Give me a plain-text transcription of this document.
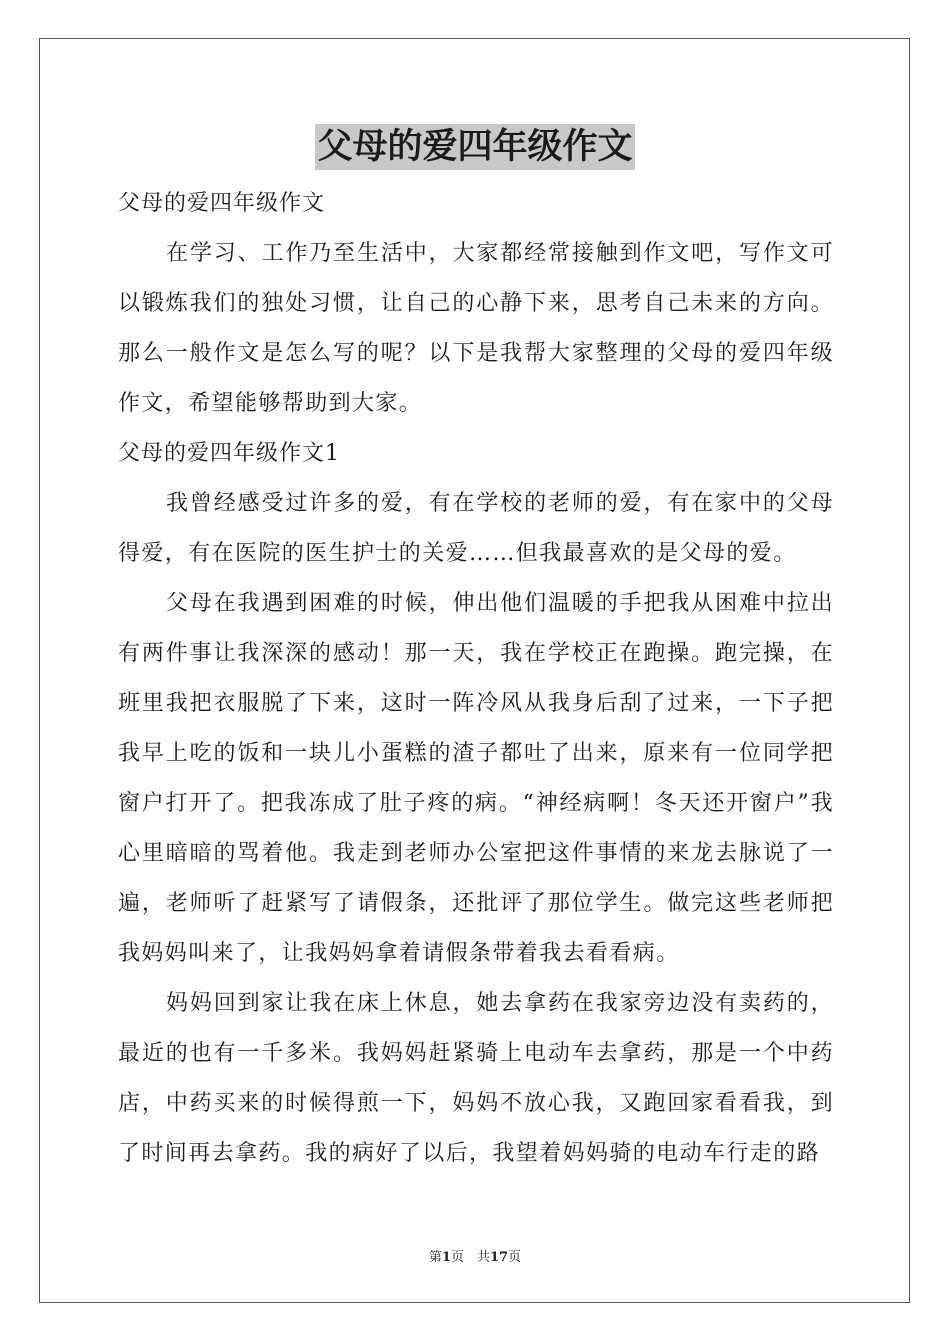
父母的爱四年级作文

父母的爱四年级作文

在学习、工作乃至生活中，大家都经常接触到作文吧，写作文可以锻炼我们的独处习惯，让自己的心静下来，思考自己未来的方向。那么一般作文是怎么写的呢？以下是我帮大家整理的父母的爱四年级作文，希望能够帮助到大家。

父母的爱四年级作文1

我曾经感受过许多的爱，有在学校的老师的爱，有在家中的父母得爱，有在医院的医生护士的关爱……但我最喜欢的是父母的爱。

父母在我遇到困难的时候，伸出他们温暖的手把我从困难中拉出有两件事让我深深的感动！那一天，我在学校正在跑操。跑完操，在班里我把衣服脱了下来，这时一阵冷风从我身后刮了过来，一下子把我早上吃的饭和一块儿小蛋糕的渣子都吐了出来，原来有一位同学把窗户打开了。把我冻成了肚子疼的病。“神经病啊！冬天还开窗户”我心里暗暗的骂着他。我走到老师办公室把这件事情的来龙去脉说了一遍，老师听了赶紧写了请假条，还批评了那位学生。做完这些老师把我妈妈叫来了，让我妈妈拿着请假条带着我去看看病。

妈妈回到家让我在床上休息，她去拿药在我家旁边没有卖药的，最近的也有一千多米。我妈妈赶紧骑上电动车去拿药，那是一个中药店，中药买来的时候得煎一下，妈妈不放心我，又跑回家看看我，到了时间再去拿药。我的病好了以后，我望着妈妈骑的电动车行走的路

第1页　共17页
